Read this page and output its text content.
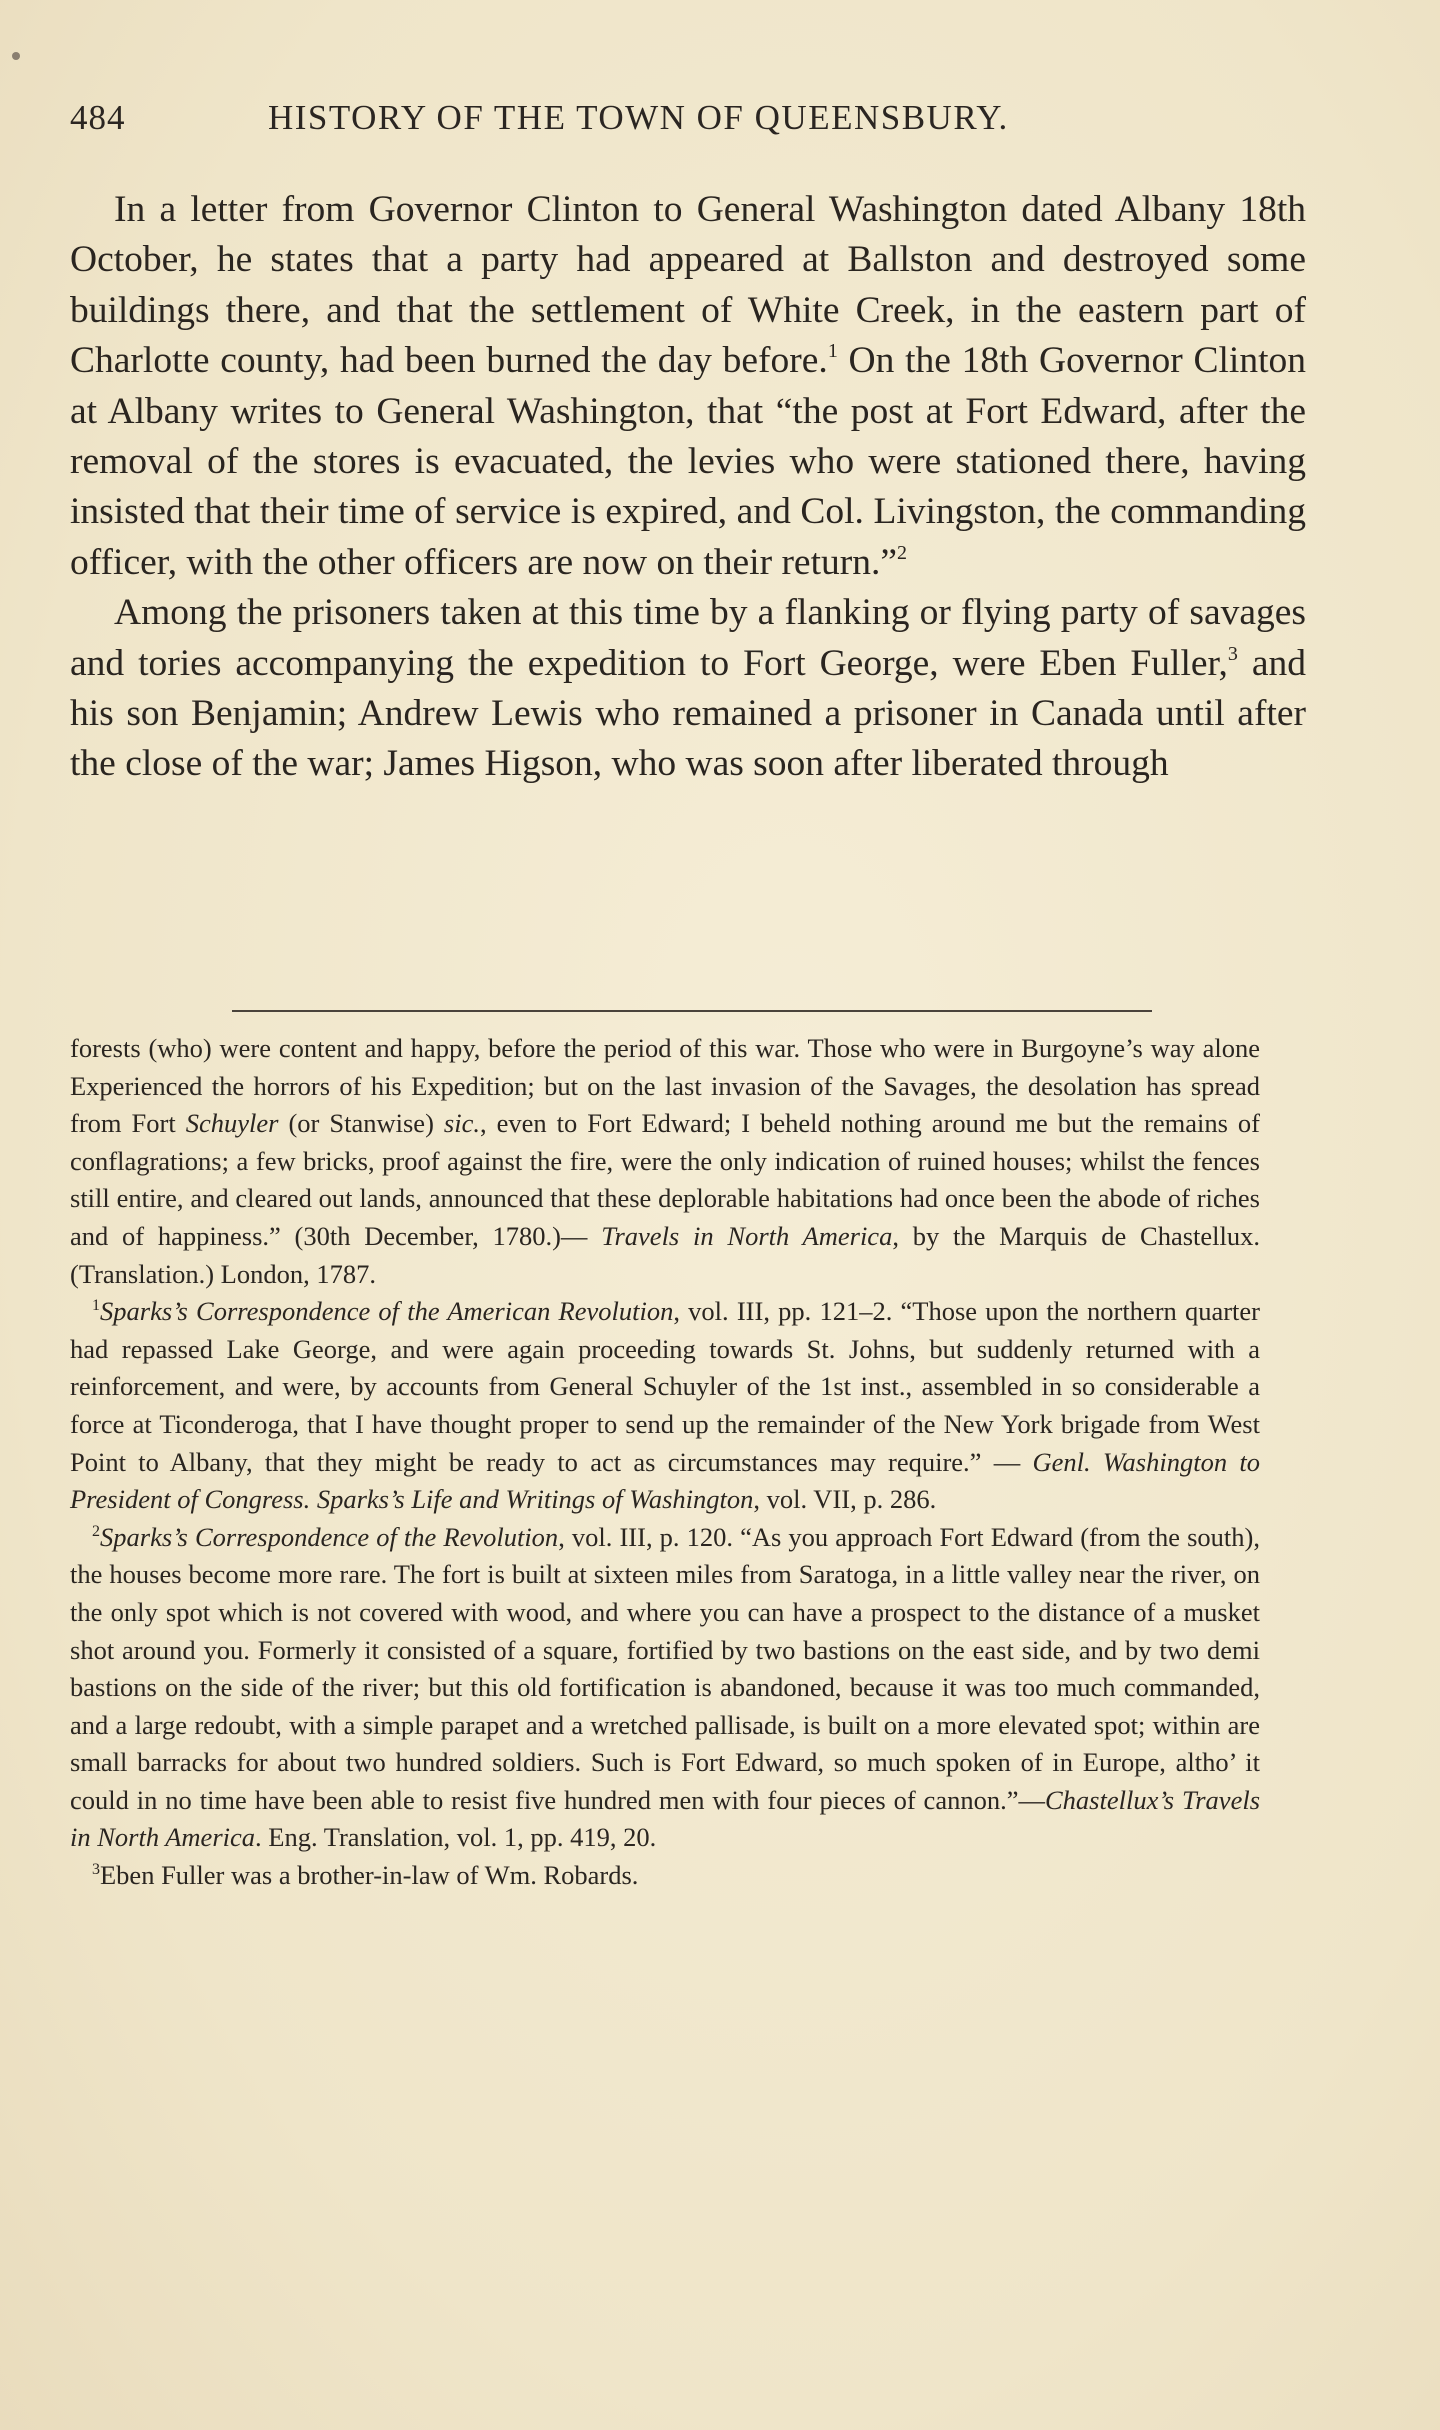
484	HISTORY OF THE TOWN OF QUEENSBURY.

In a letter from Governor Clinton to General Washington dated Albany 18th October, he states that a party had appeared at Ballston and destroyed some buildings there, and that the settlement of White Creek, in the eastern part of Charlotte county, had been burned the day before.$^1$ On the 18th Governor Clinton at Albany writes to General Washington, that “the post at Fort Edward, after the removal of the stores is evacuated, the levies who were stationed there, having insisted that their time of service is expired, and Col. Livingston, the commanding officer, with the other officers are now on their return.”$^2$

Among the prisoners taken at this time by a flanking or flying party of savages and tories accompanying the expedition to Fort George, were Eben Fuller,$^3$ and his son Benjamin; Andrew Lewis who remained a prisoner in Canada until after the close of the war; James Higson, who was soon after liberated through

forests (who) were content and happy, before the period of this war. Those who were in Burgoyne’s way alone Experienced the horrors of his Expedition; but on the last invasion of the Savages, the desolation has spread from Fort Schuyler (or Stanwise) sic., even to Fort Edward; I beheld nothing around me but the remains of conflagrations; a few bricks, proof against the fire, were the only indication of ruined houses; whilst the fences still entire, and cleared out lands, announced that these deplorable habitations had once been the abode of riches and of happiness.” (30th December, 1780.)— Travels in North America, by the Marquis de Chastellux. (Translation.) London, 1787.

$^1$Sparks’s Correspondence of the American Revolution, vol. III, pp. 121–2. “Those upon the northern quarter had repassed Lake George, and were again proceeding towards St. Johns, but suddenly returned with a reinforcement, and were, by accounts from General Schuyler of the 1st inst., assembled in so considerable a force at Ticonderoga, that I have thought proper to send up the remainder of the New York brigade from West Point to Albany, that they might be ready to act as circumstances may require.” — Genl. Washington to President of Congress. Sparks’s Life and Writings of Washington, vol. VII, p. 286.

$^2$Sparks’s Correspondence of the Revolution, vol. III, p. 120. “As you approach Fort Edward (from the south), the houses become more rare. The fort is built at sixteen miles from Saratoga, in a little valley near the river, on the only spot which is not covered with wood, and where you can have a prospect to the distance of a musket shot around you. Formerly it consisted of a square, fortified by two bastions on the east side, and by two demi bastions on the side of the river; but this old fortification is abandoned, because it was too much commanded, and a large redoubt, with a simple parapet and a wretched pallisade, is built on a more elevated spot; within are small barracks for about two hundred soldiers. Such is Fort Edward, so much spoken of in Europe, altho’ it could in no time have been able to resist five hundred men with four pieces of cannon.”—Chastellux’s Travels in North America. Eng. Translation, vol. 1, pp. 419, 20.

$^3$Eben Fuller was a brother-in-law of Wm. Robards.
